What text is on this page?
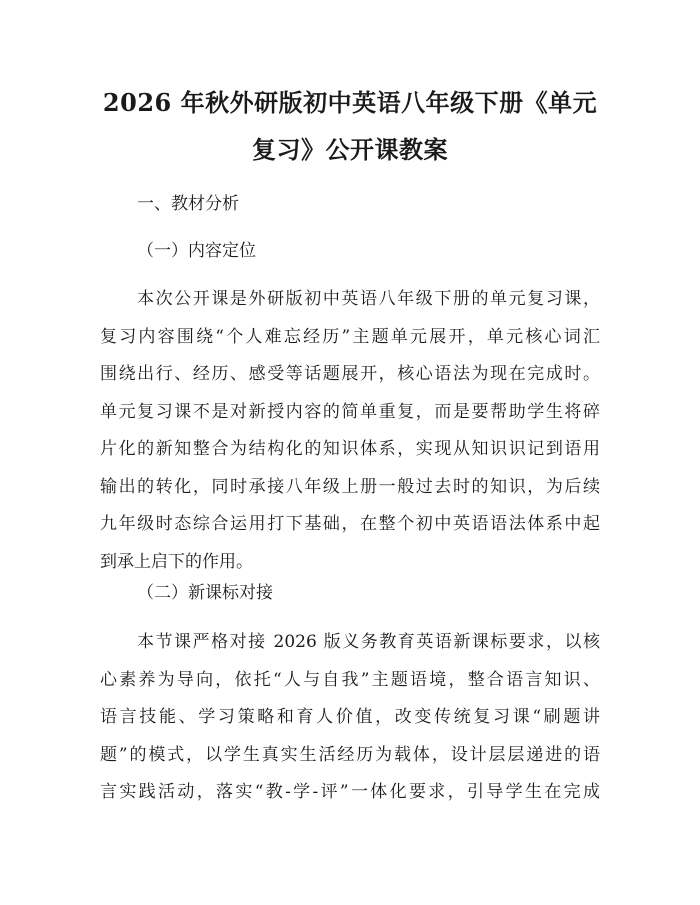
2026 年秋外研版初中英语八年级下册《单元
复习》公开课教案
一、教材分析
（一）内容定位
本次公开课是外研版初中英语八年级下册的单元复习课，
复习内容围绕“个人难忘经历”主题单元展开，单元核心词汇
围绕出行、经历、感受等话题展开，核心语法为现在完成时。
单元复习课不是对新授内容的简单重复，而是要帮助学生将碎
片化的新知整合为结构化的知识体系，实现从知识识记到语用
输出的转化，同时承接八年级上册一般过去时的知识，为后续
九年级时态综合运用打下基础，在整个初中英语语法体系中起
到承上启下的作用。
（二）新课标对接
本节课严格对接 2026 版义务教育英语新课标要求，以核
心素养为导向，依托“人与自我”主题语境，整合语言知识、
语言技能、学习策略和育人价值，改变传统复习课“刷题讲
题”的模式，以学生真实生活经历为载体，设计层层递进的语
言实践活动，落实“教-学-评”一体化要求，引导学生在完成
